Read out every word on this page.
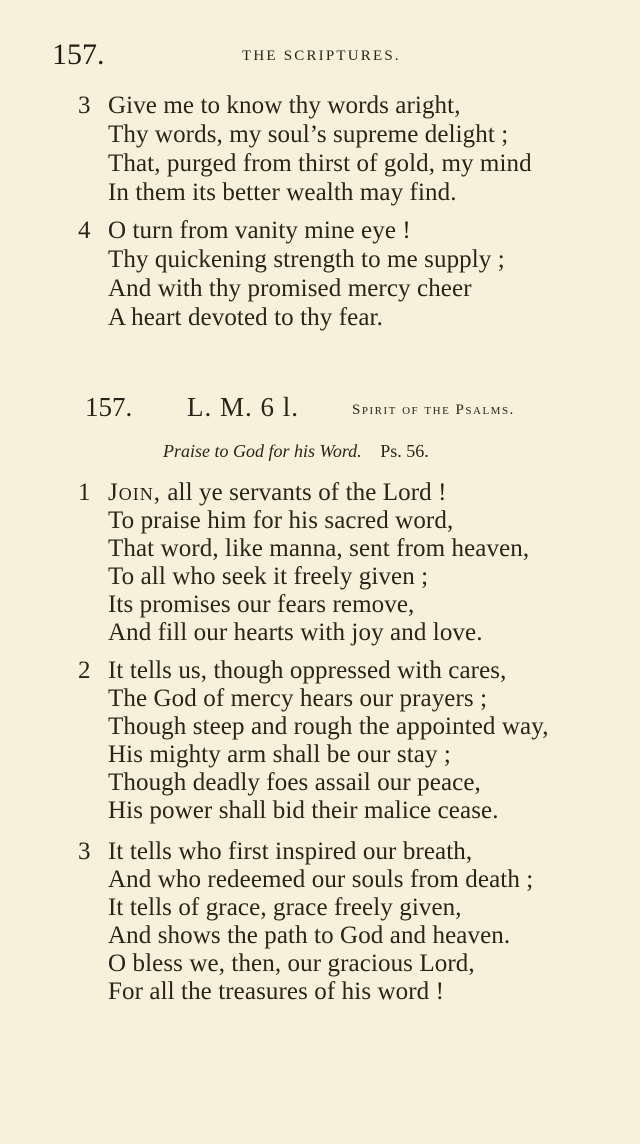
157.	THE SCRIPTURES.
3 Give me to know thy words aright,
Thy words, my soul’s supreme delight ;
That, purged from thirst of gold, my mind
In them its better wealth may find.
4 O turn from vanity mine eye !
Thy quickening strength to me supply ;
And with thy promised mercy cheer
A heart devoted to thy fear.
157. L. M. 6 l.	Spirit of the Psalms.
Praise to God for his Word. Ps. 56.
1 Join, all ye servants of the Lord !
To praise him for his sacred word,
That word, like manna, sent from heaven,
To all who seek it freely given ;
Its promises our fears remove,
And fill our hearts with joy and love.
2 It tells us, though oppressed with cares,
The God of mercy hears our prayers ;
Though steep and rough the appointed way,
His mighty arm shall be our stay ;
Though deadly foes assail our peace,
His power shall bid their malice cease.
3 It tells who first inspired our breath,
And who redeemed our souls from death ;
It tells of grace, grace freely given,
And shows the path to God and heaven.
O bless we, then, our gracious Lord,
For all the treasures of his word !
